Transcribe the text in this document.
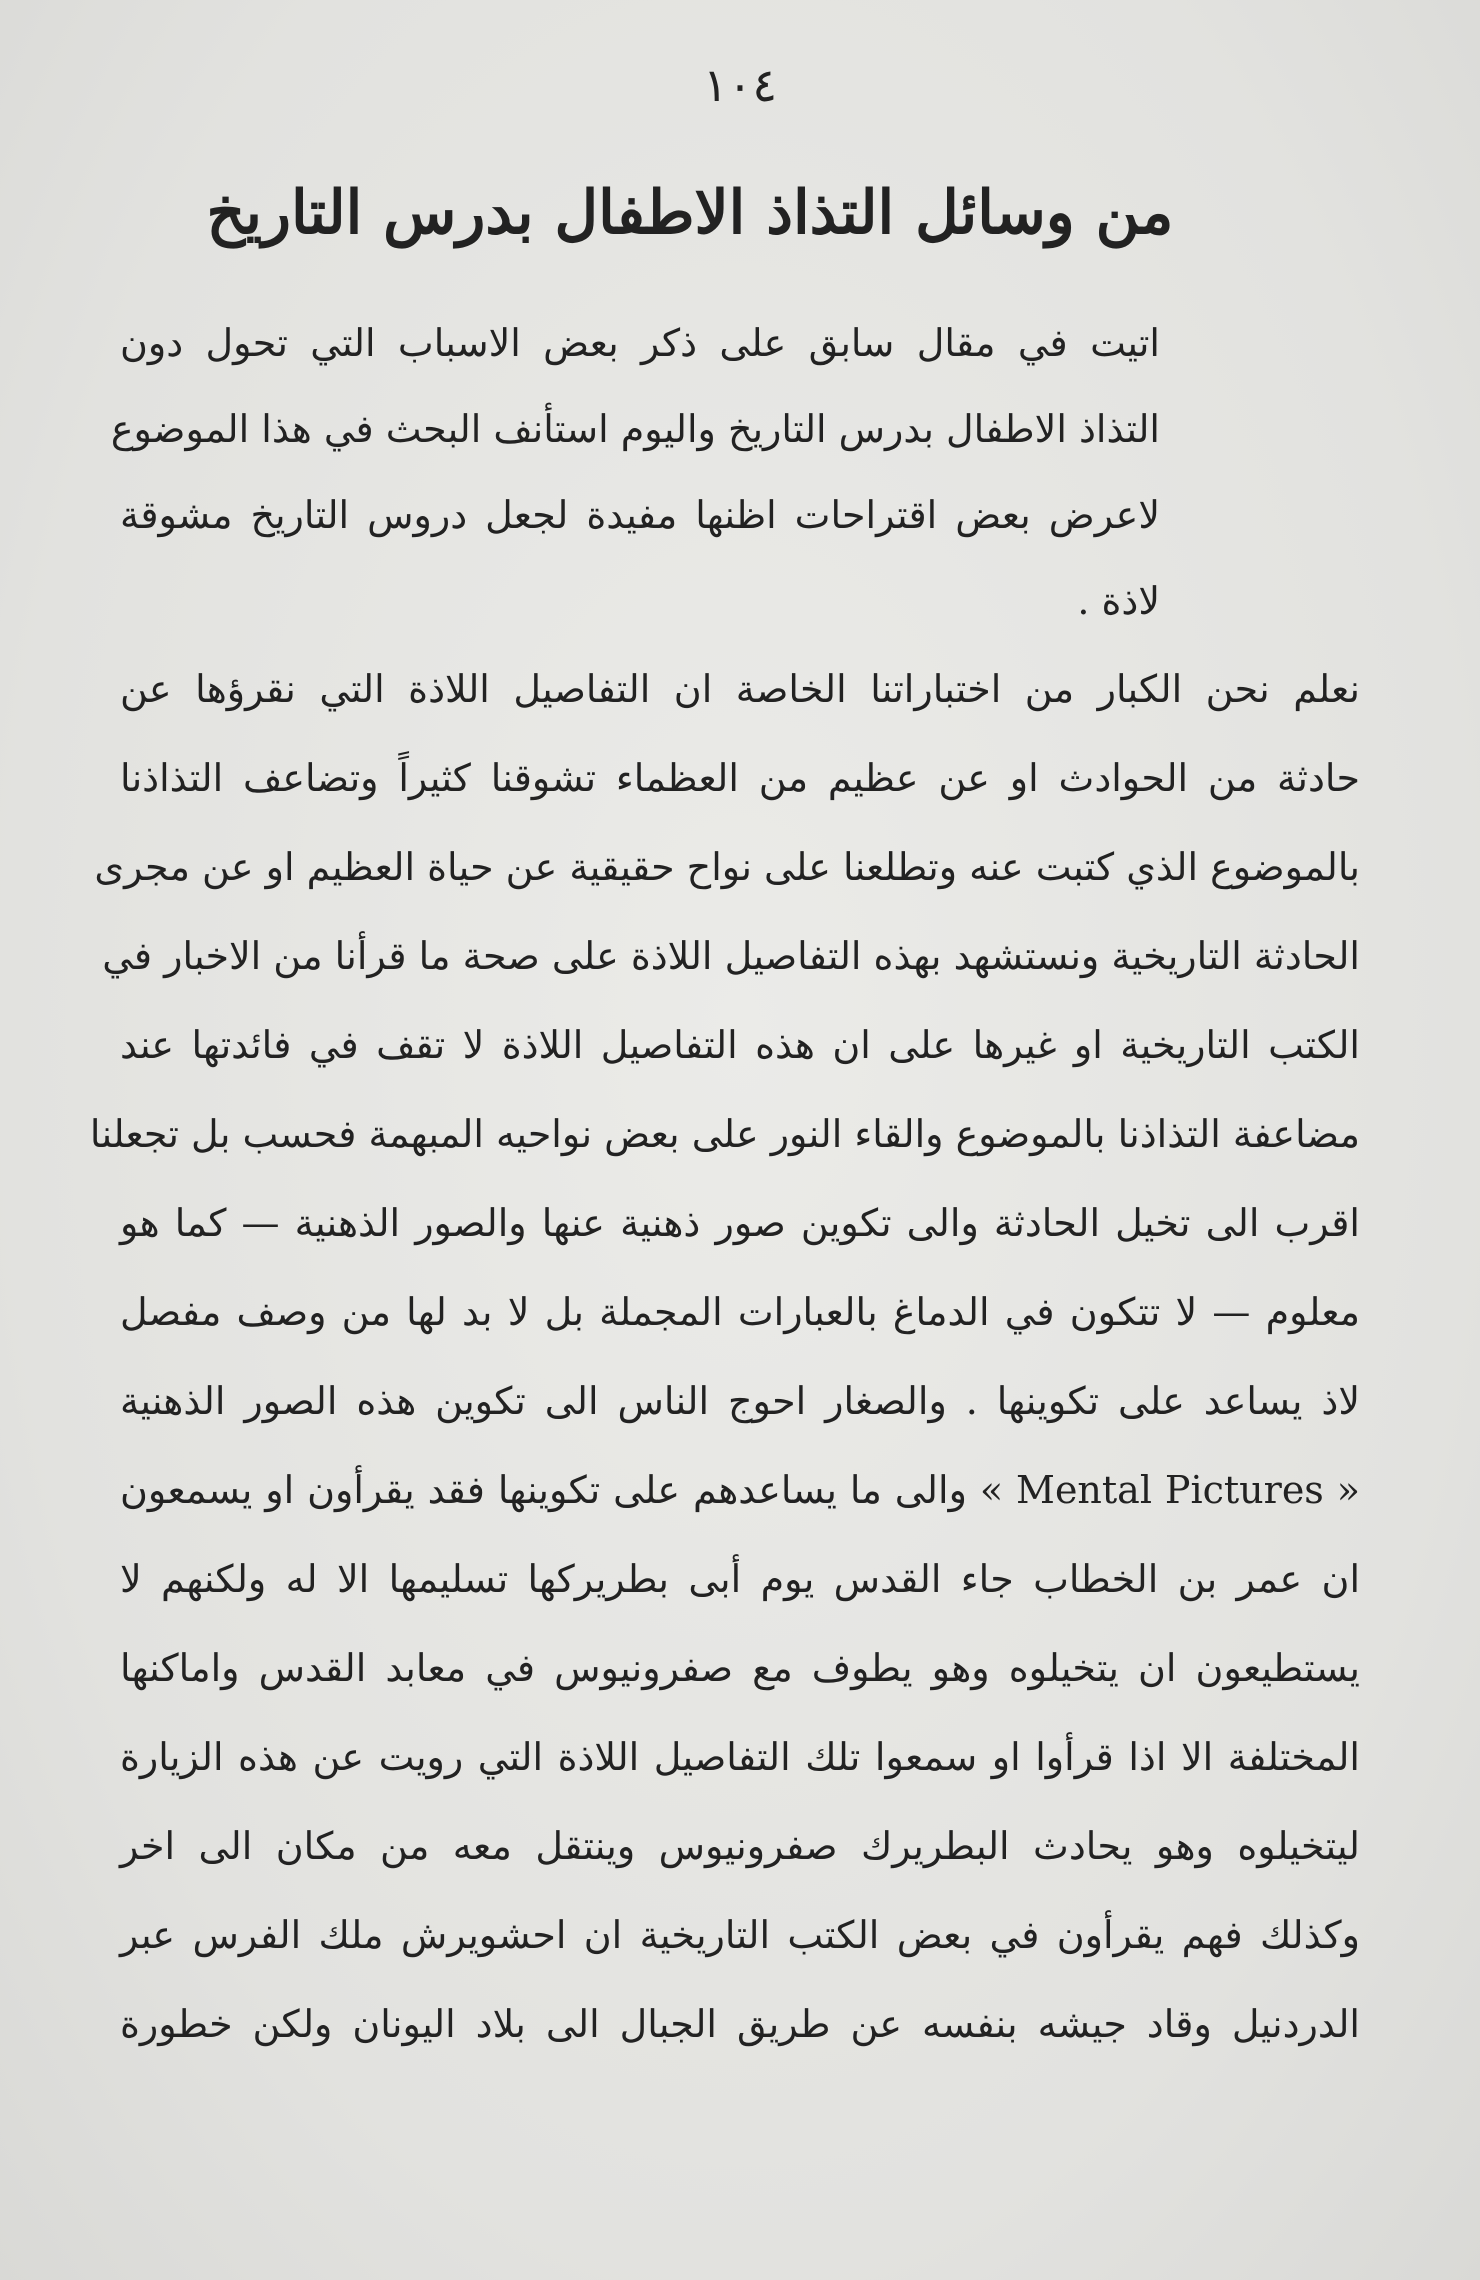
١٠٤
من وسائل التذاذ الاطفال بدرس التاريخ
اتيت في مقال سابق على ذكر بعض الاسباب التي تحول دون
التذاذ الاطفال بدرس التاريخ واليوم استأنف البحث في هذا الموضوع
لاعرض بعض اقتراحات اظنها مفيدة لجعل دروس التاريخ مشوقة
لاذة .
نعلم نحن الكبار من اختباراتنا الخاصة ان التفاصيل اللاذة التي نقرؤها عن
حادثة من الحوادث او عن عظيم من العظماء تشوقنا كثيراً وتضاعف التذاذنا
بالموضوع الذي كتبت عنه وتطلعنا على نواح حقيقية عن حياة العظيم او عن مجرى
الحادثة التاريخية ونستشهد بهذه التفاصيل اللاذة على صحة ما قرأنا من الاخبار في
الكتب التاريخية او غيرها على ان هذه التفاصيل اللاذة لا تقف في فائدتها عند
مضاعفة التذاذنا بالموضوع والقاء النور على بعض نواحيه المبهمة فحسب بل تجعلنا
اقرب الى تخيل الحادثة والى تكوين صور ذهنية عنها والصور الذهنية — كما هو
معلوم — لا تتكون في الدماغ بالعبارات المجملة بل لا بد لها من وصف مفصل
لاذ يساعد على تكوينها . والصغار احوج الناس الى تكوين هذه الصور الذهنية
« Mental Pictures » والى ما يساعدهم على تكوينها فقد يقرأون او يسمعون
ان عمر بن الخطاب جاء القدس يوم أبى بطريركها تسليمها الا له ولكنهم لا
يستطيعون ان يتخيلوه وهو يطوف مع صفرونيوس في معابد القدس واماكنها
المختلفة الا اذا قرأوا او سمعوا تلك التفاصيل اللاذة التي رويت عن هذه الزيارة
ليتخيلوه وهو يحادث البطريرك صفرونيوس وينتقل معه من مكان الى اخر
وكذلك فهم يقرأون في بعض الكتب التاريخية ان احشويرش ملك الفرس عبر
الدردنيل وقاد جيشه بنفسه عن طريق الجبال الى بلاد اليونان ولكن خطورة
